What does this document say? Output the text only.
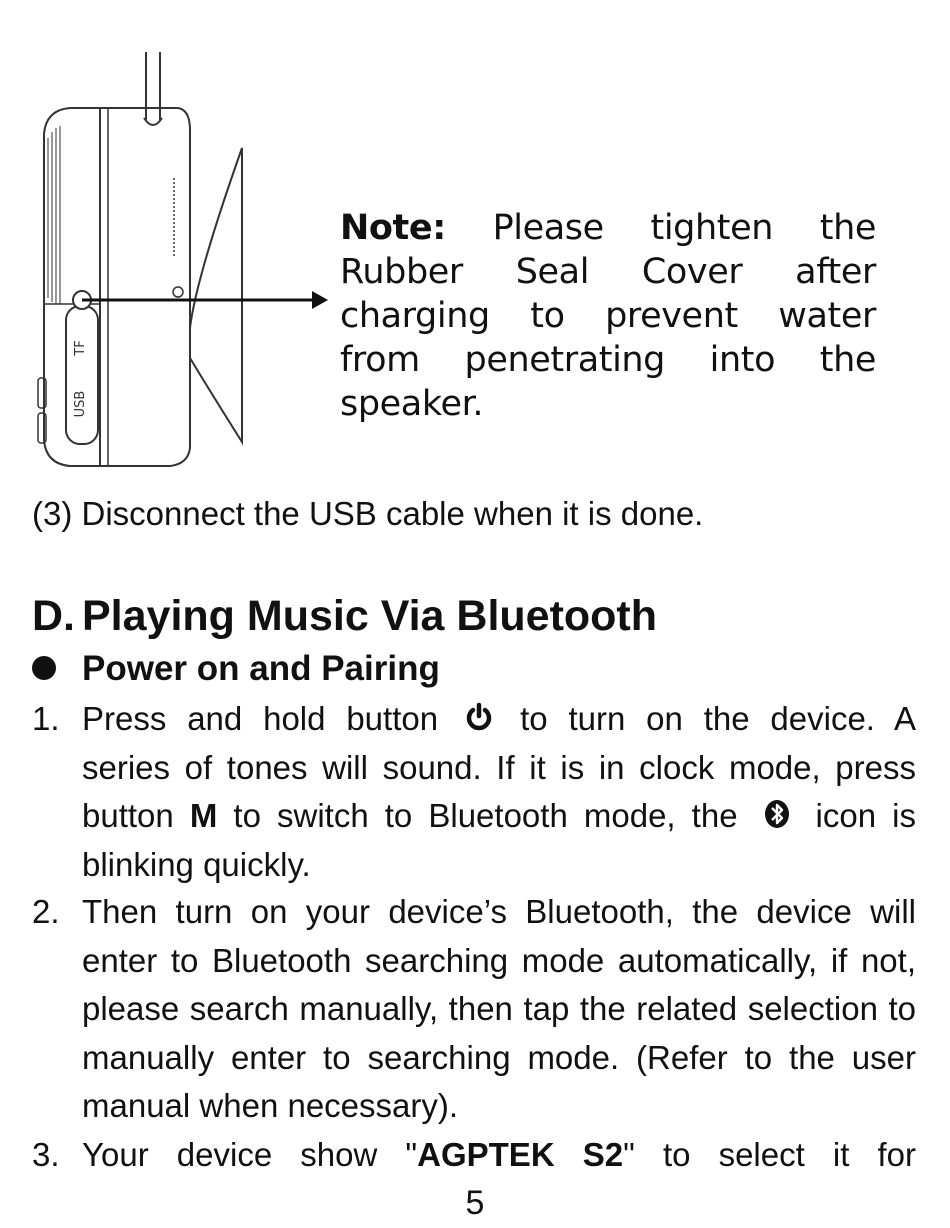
TF
USB
Note: Please tighten the Rubber Seal Cover after charging to prevent water from penetrating into the speaker.
(3) Disconnect the USB cable when it is done.
D. Playing Music Via Bluetooth
Power on and Pairing
1. Press and hold button to turn on the device. A series of tones will sound. If it is in clock mode, press button M to switch to Bluetooth mode, the icon is blinking quickly.
2. Then turn on your device’s Bluetooth, the device will enter to Bluetooth searching mode automatically, if not, please search manually, then tap the related selection to manually enter to searching mode. (Refer to the user manual when necessary).
3. Your device show "AGPTEK S2" to select it for
5
